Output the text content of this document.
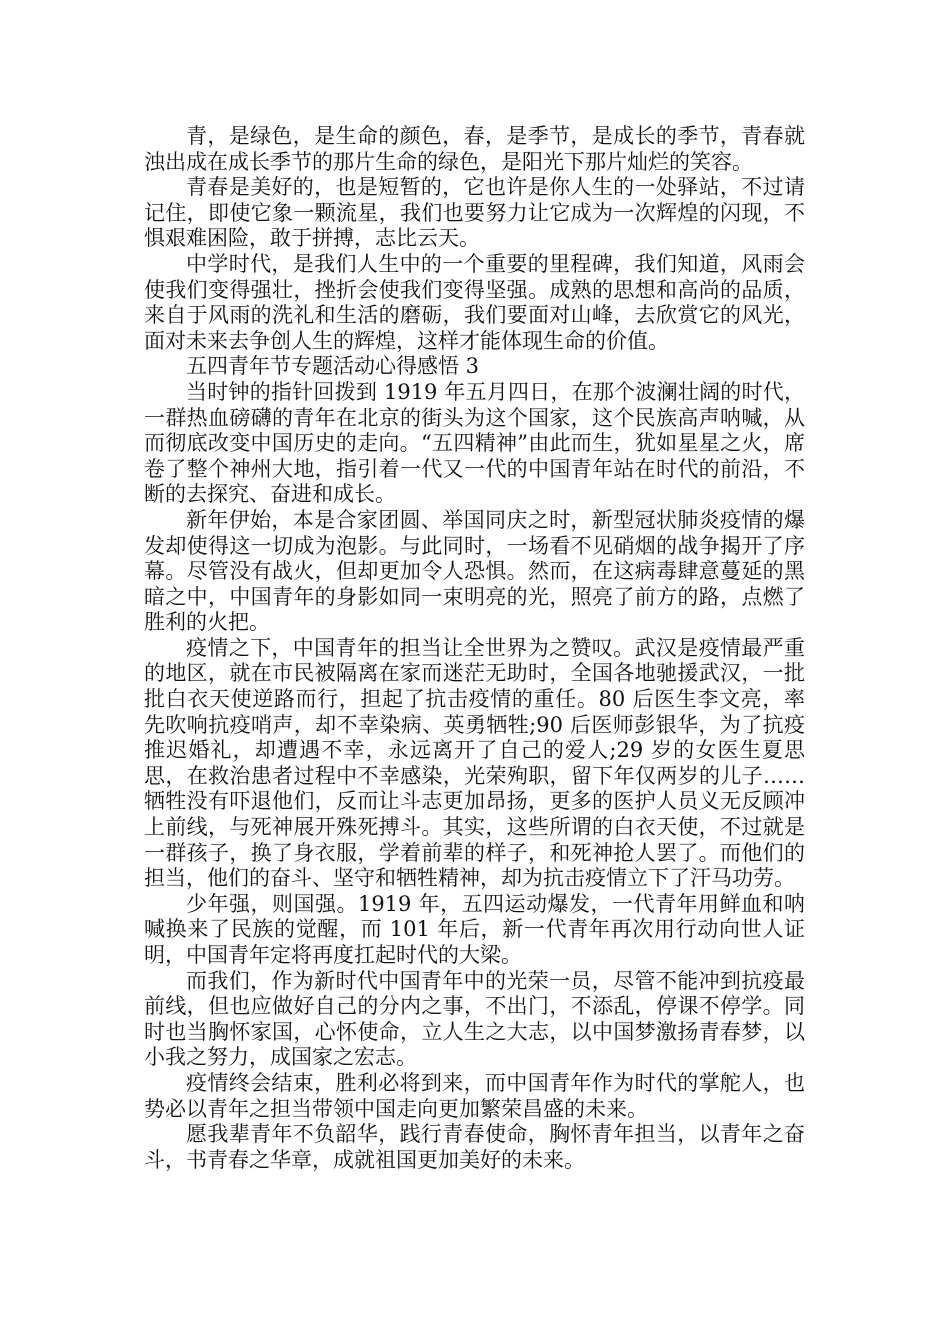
青，是绿色，是生命的颜色，春，是季节，是成长的季节，青春就浊出成在成长季节的那片生命的绿色，是阳光下那片灿烂的笑容。

青春是美好的，也是短暂的，它也许是你人生的一处驿站，不过请记住，即使它象一颗流星，我们也要努力让它成为一次辉煌的闪现，不惧艰难困险，敢于拼搏，志比云天。

中学时代，是我们人生中的一个重要的里程碑，我们知道，风雨会使我们变得强壮，挫折会使我们变得坚强。成熟的思想和高尚的品质，来自于风雨的洗礼和生活的磨砺，我们要面对山峰，去欣赏它的风光，面对未来去争创人生的辉煌，这样才能体现生命的价值。

五四青年节专题活动心得感悟 3

当时钟的指针回拨到 1919 年五月四日，在那个波澜壮阔的时代，一群热血磅礴的青年在北京的街头为这个国家，这个民族高声呐喊，从而彻底改变中国历史的走向。“五四精神”由此而生，犹如星星之火，席卷了整个神州大地，指引着一代又一代的中国青年站在时代的前沿，不断的去探究、奋进和成长。

新年伊始，本是合家团圆、举国同庆之时，新型冠状肺炎疫情的爆发却使得这一切成为泡影。与此同时，一场看不见硝烟的战争揭开了序幕。尽管没有战火，但却更加令人恐惧。然而，在这病毒肆意蔓延的黑暗之中，中国青年的身影如同一束明亮的光，照亮了前方的路，点燃了胜利的火把。

疫情之下，中国青年的担当让全世界为之赞叹。武汉是疫情最严重的地区，就在市民被隔离在家而迷茫无助时，全国各地驰援武汉，一批批白衣天使逆路而行，担起了抗击疫情的重任。80 后医生李文亮，率先吹响抗疫哨声，却不幸染病、英勇牺牲;90 后医师彭银华，为了抗疫推迟婚礼，却遭遇不幸，永远离开了自己的爱人;29 岁的女医生夏思思，在救治患者过程中不幸感染，光荣殉职，留下年仅两岁的儿子……牺牲没有吓退他们，反而让斗志更加昂扬，更多的医护人员义无反顾冲上前线，与死神展开殊死搏斗。其实，这些所谓的白衣天使，不过就是一群孩子，换了身衣服，学着前辈的样子，和死神抢人罢了。而他们的担当，他们的奋斗、坚守和牺牲精神，却为抗击疫情立下了汗马功劳。

少年强，则国强。1919 年，五四运动爆发，一代青年用鲜血和呐喊换来了民族的觉醒，而 101 年后，新一代青年再次用行动向世人证明，中国青年定将再度扛起时代的大梁。

而我们，作为新时代中国青年中的光荣一员，尽管不能冲到抗疫最前线，但也应做好自己的分内之事，不出门，不添乱，停课不停学。同时也当胸怀家国，心怀使命，立人生之大志，以中国梦激扬青春梦，以小我之努力，成国家之宏志。

疫情终会结束，胜利必将到来，而中国青年作为时代的掌舵人，也势必以青年之担当带领中国走向更加繁荣昌盛的未来。

愿我辈青年不负韶华，践行青春使命，胸怀青年担当，以青年之奋斗，书青春之华章，成就祖国更加美好的未来。
